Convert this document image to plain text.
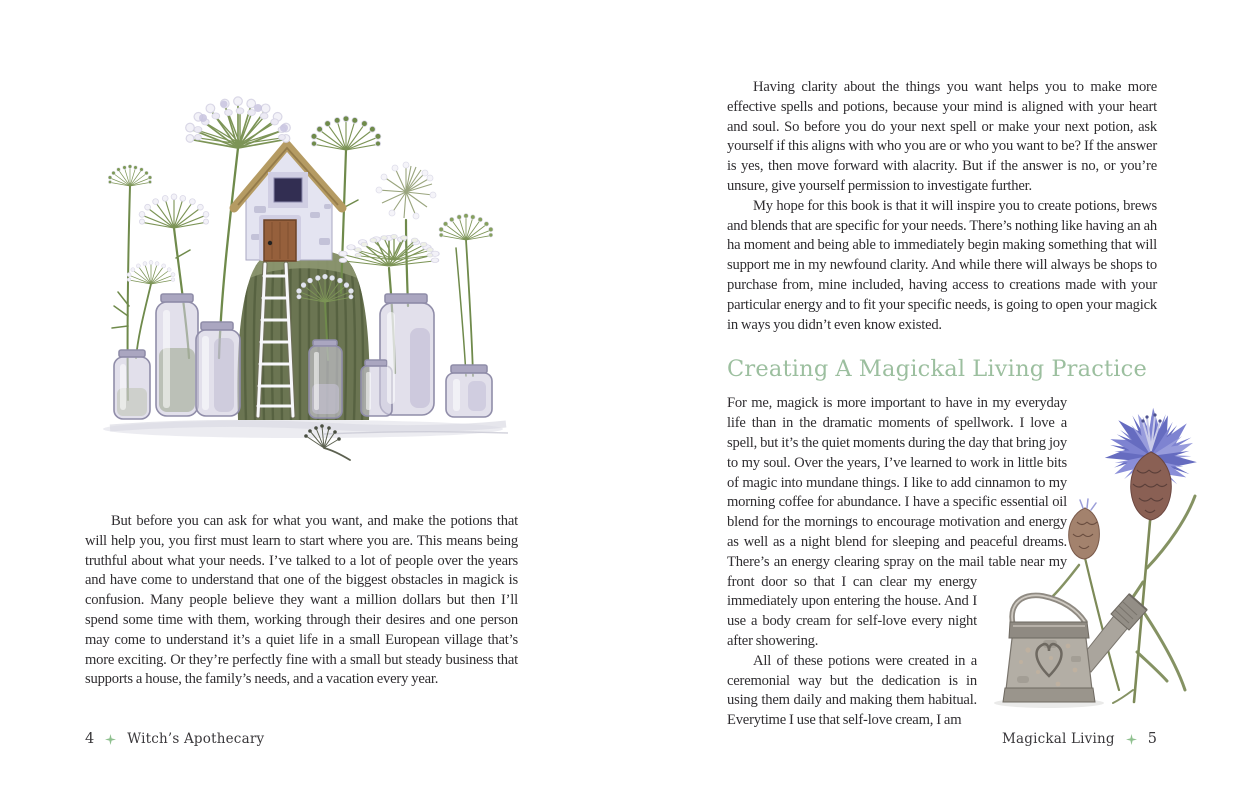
But before you can ask for what you want, and make the potions that will help you, you first must learn to start where you are. This means being truthful about what your needs. I’ve talked to a lot of people over the years and have come to understand that one of the biggest obstacles in magick is confusion. Many people believe they want a million dollars but then I’ll spend some time with them, working through their desires and one person may come to understand it’s a quiet life in a small European village that’s more exciting. Or they’re perfectly fine with a small but steady business that supports a house, the family’s needs, and a vacation every year.

4 Witch’s Apothecary

Having clarity about the things you want helps you to make more effective spells and potions, because your mind is aligned with your heart and soul. So before you do your next spell or make your next potion, ask yourself if this aligns with who you are or who you want to be? If the answer is yes, then move forward with alacrity. But if the answer is no, or you’re unsure, give yourself permission to investigate further.

My hope for this book is that it will inspire you to create potions, brews and blends that are specific for your needs. There’s nothing like having an ah ha moment and being able to immediately begin making something that will support me in my newfound clarity. And while there will always be shops to purchase from, mine included, having access to creations made with your particular energy and to fit your specific needs, is going to open your magick in ways you didn’t even know existed.

Creating A Magickal Living Practice

For me, magick is more important to have in my everyday life than in the dramatic moments of spellwork. I love a spell, but it’s the quiet moments during the day that bring joy to my soul. Over the years, I’ve learned to work in little bits of magic into mundane things. I like to add cinnamon to my morning coffee for abundance. I have a specific essential oil blend for the mornings to encourage motivation and energy as well as a night blend for sleeping and peaceful dreams. There’s an energy clearing spray on the mail table near my front door so that I can clear my energy immediately upon entering the house. And I use a body cream for self-love every night after showering.

All of these potions were created in a ceremonial way but the dedication is in using them daily and making them habitual. Everytime I use that self-love cream, I am

Magickal Living 5
